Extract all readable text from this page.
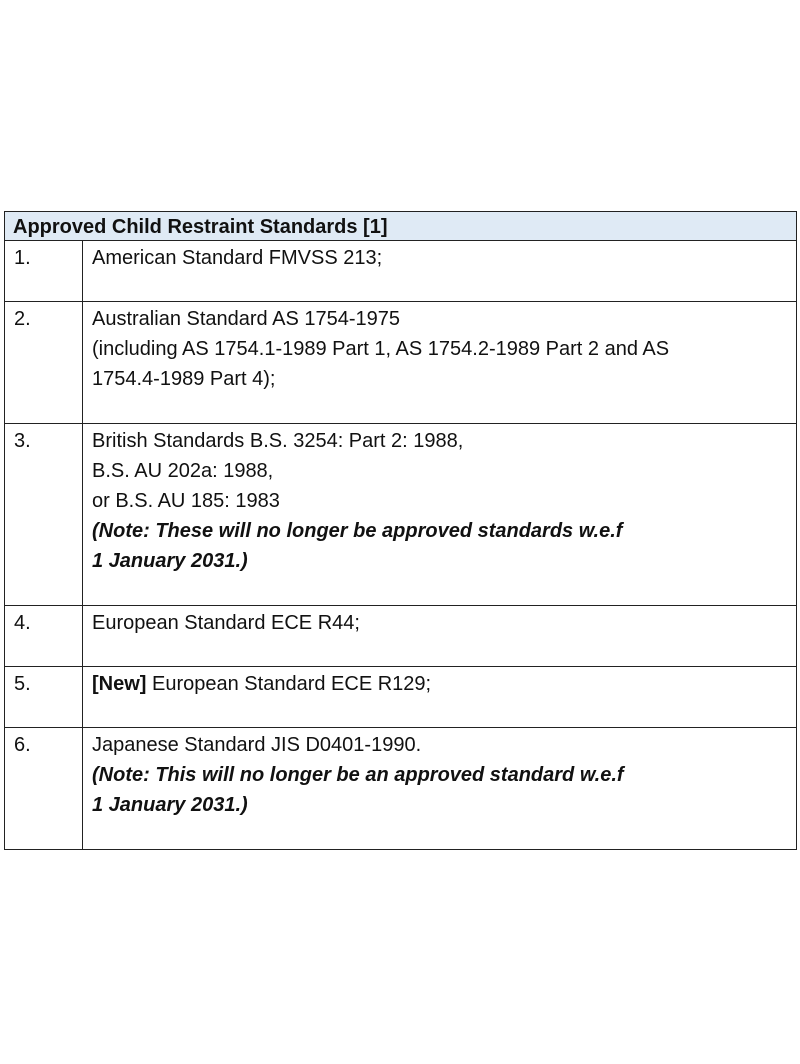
Approved Child Restraint Standards [1]	
1.	American Standard FMVSS 213;

2.	Australian Standard AS 1754-1975
(including AS 1754.1-1989 Part 1, AS 1754.2-1989 Part 2 and AS
1754.4-1989 Part 4);

3.	British Standards B.S. 3254: Part 2: 1988,
B.S. AU 202a: 1988,
or B.S. AU 185: 1983
(Note: These will no longer be approved standards w.e.f
1 January 2031.)

4.	European Standard ECE R44;

5.	[New] European Standard ECE R129;

6.	Japanese Standard JIS D0401-1990.
(Note: This will no longer be an approved standard w.e.f
1 January 2031.)
